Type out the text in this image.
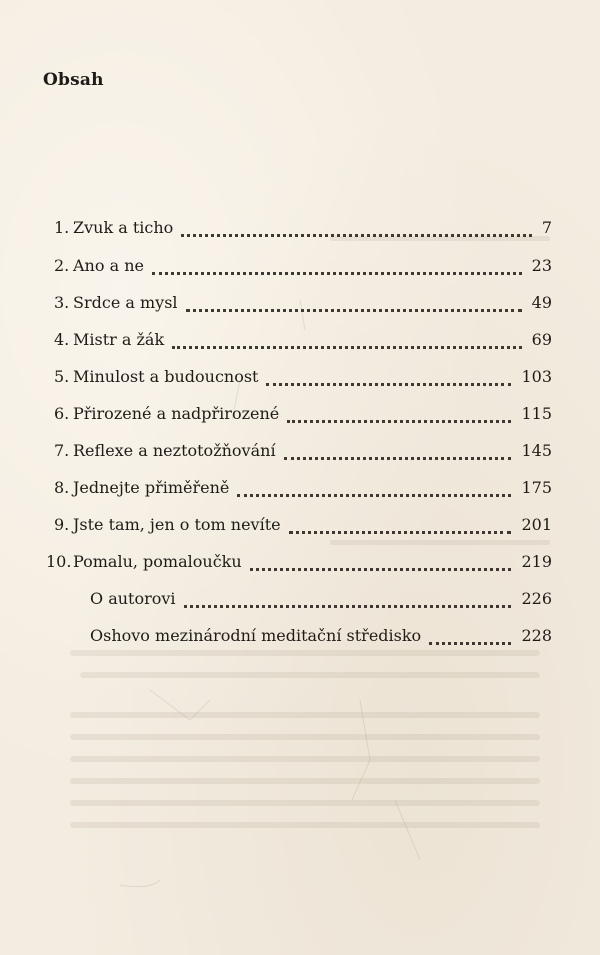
Obsah
1. Zvuk a ticho	7
2. Ano a ne	23
3. Srdce a mysl	49
4. Mistr a žák	69
5. Minulost a budoucnost	103
6. Přirozené a nadpřirozené	115
7. Reflexe a neztotožňování	145
8. Jednejte přiměřeně	175
9. Jste tam, jen o tom nevíte	201
10. Pomalu, pomaloučku	219
O autorovi	226
Oshovo mezinárodní meditační středisko	228
